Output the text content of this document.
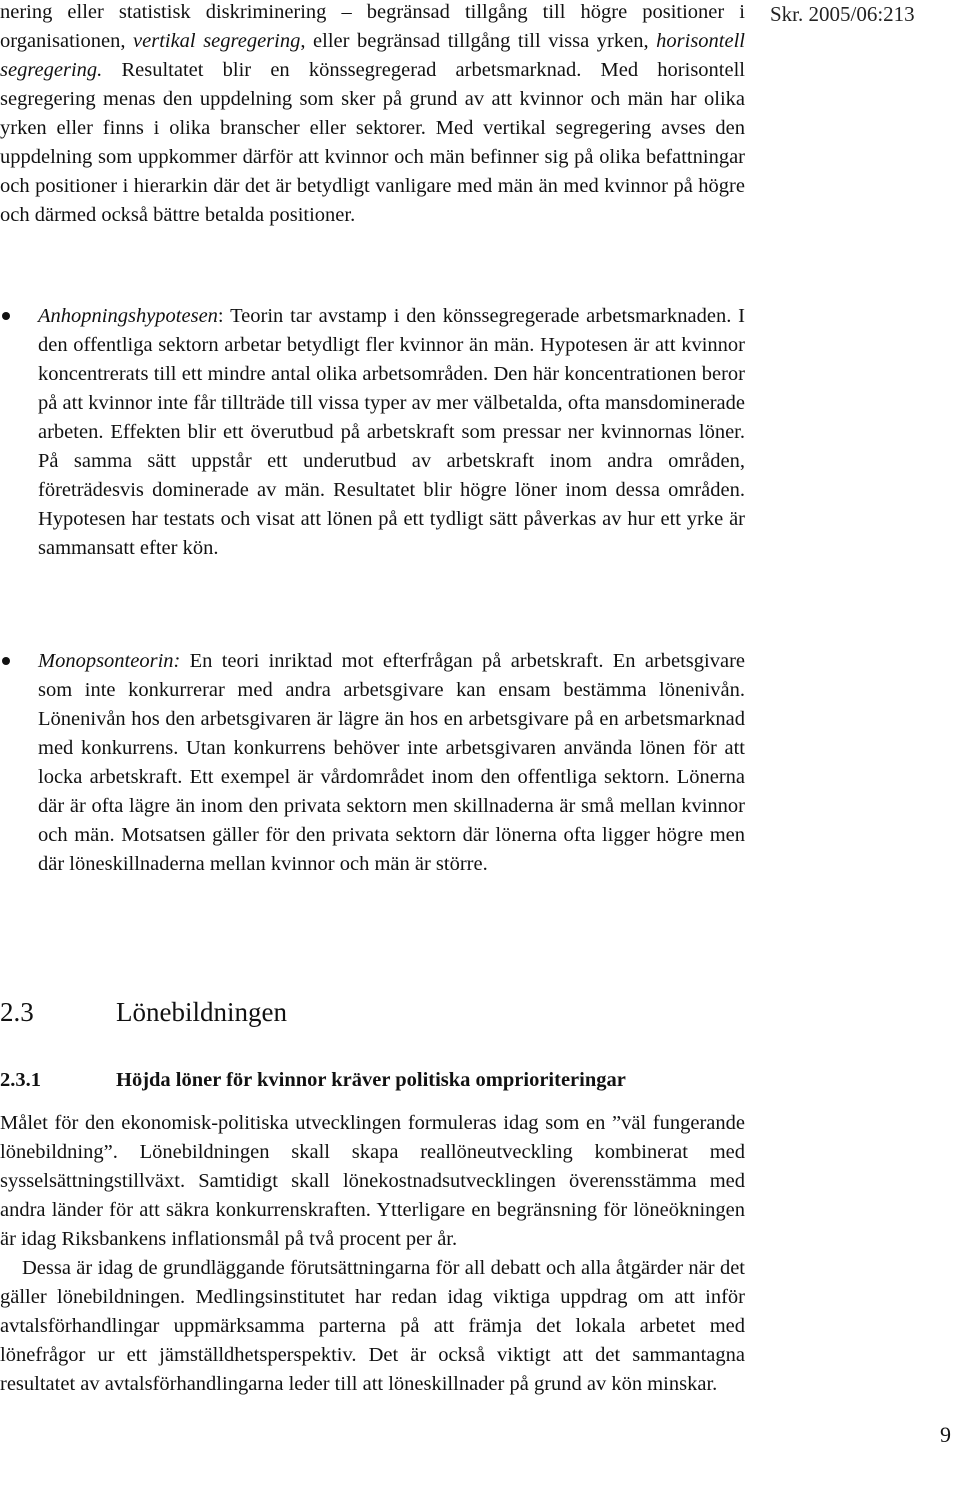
Skr. 2005/06:213

nering eller statistisk diskriminering – begränsad tillgång till högre positioner i organisationen, vertikal segregering, eller begränsad tillgång till vissa yrken, horisontell segregering. Resultatet blir en könssegregerad arbetsmarknad. Med horisontell segregering menas den uppdelning som sker på grund av att kvinnor och män har olika yrken eller finns i olika branscher eller sektorer. Med vertikal segregering avses den uppdelning som uppkommer därför att kvinnor och män befinner sig på olika befattningar och positioner i hierarkin där det är betydligt vanligare med män än med kvinnor på högre och därmed också bättre betalda positioner.

Anhopningshypotesen: Teorin tar avstamp i den könssegregerade arbetsmarknaden. I den offentliga sektorn arbetar betydligt fler kvinnor än män. Hypotesen är att kvinnor koncentrerats till ett mindre antal olika arbetsområden. Den här koncentrationen beror på att kvinnor inte får tillträde till vissa typer av mer välbetalda, ofta mansdominerade arbeten. Effekten blir ett överutbud på arbetskraft som pressar ner kvinnornas löner. På samma sätt uppstår ett underutbud av arbetskraft inom andra områden, företrädesvis dominerade av män. Resultatet blir högre löner inom dessa områden. Hypotesen har testats och visat att lönen på ett tydligt sätt påverkas av hur ett yrke är sammansatt efter kön.

Monopsonteorin: En teori inriktad mot efterfrågan på arbetskraft. En arbetsgivare som inte konkurrerar med andra arbetsgivare kan ensam bestämma lönenivån. Lönenivån hos den arbetsgivaren är lägre än hos en arbetsgivare på en arbetsmarknad med konkurrens. Utan konkurrens behöver inte arbetsgivaren använda lönen för att locka arbetskraft. Ett exempel är vårdområdet inom den offentliga sektorn. Lönerna där är ofta lägre än inom den privata sektorn men skillnaderna är små mellan kvinnor och män. Motsatsen gäller för den privata sektorn där lönerna ofta ligger högre men där löneskillnaderna mellan kvinnor och män är större.

2.3	Lönebildningen
2.3.1	Höjda löner för kvinnor kräver politiska omprioriteringar

Målet för den ekonomisk-politiska utvecklingen formuleras idag som en ”väl fungerande lönebildning”. Lönebildningen skall skapa reallöneutveckling kombinerat med sysselsättningstillväxt. Samtidigt skall lönekostnadsutvecklingen överensstämma med andra länder för att säkra konkurrenskraften. Ytterligare en begränsning för löneökningen är idag Riksbankens inflationsmål på två procent per år.

Dessa är idag de grundläggande förutsättningarna för all debatt och alla åtgärder när det gäller lönebildningen. Medlingsinstitutet har redan idag viktiga uppdrag om att inför avtalsförhandlingar uppmärksamma parterna på att främja det lokala arbetet med lönefrågor ur ett jämställdhetsperspektiv. Det är också viktigt att det sammantagna resultatet av avtalsförhandlingarna leder till att löneskillnader på grund av kön minskar.

9
